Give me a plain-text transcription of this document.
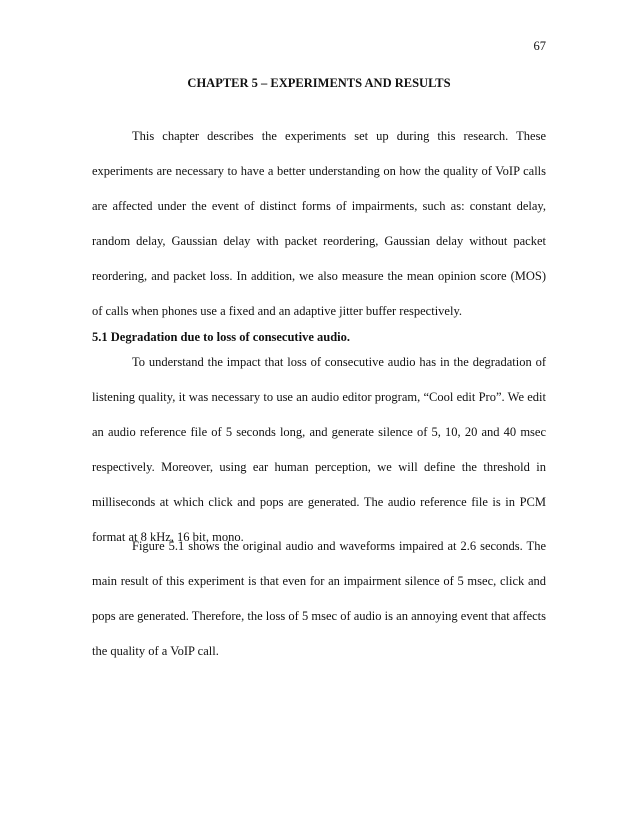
67
CHAPTER 5 – EXPERIMENTS AND RESULTS

This chapter describes the experiments set up during this research. These experiments are necessary to have a better understanding on how the quality of VoIP calls are affected under the event of distinct forms of impairments, such as: constant delay, random delay, Gaussian delay with packet reordering, Gaussian delay without packet reordering, and packet loss. In addition, we also measure the mean opinion score (MOS) of calls when phones use a fixed and an adaptive jitter buffer respectively.

5.1 Degradation due to loss of consecutive audio.

To understand the impact that loss of consecutive audio has in the degradation of listening quality, it was necessary to use an audio editor program, “Cool edit Pro”. We edit an audio reference file of 5 seconds long, and generate silence of 5, 10, 20 and 40 msec respectively. Moreover, using ear human perception, we will define the threshold in milliseconds at which click and pops are generated. The audio reference file is in PCM format at 8 kHz, 16 bit, mono.

Figure 5.1 shows the original audio and waveforms impaired at 2.6 seconds. The main result of this experiment is that even for an impairment silence of 5 msec, click and pops are generated. Therefore, the loss of 5 msec of audio is an annoying event that affects the quality of a VoIP call.
